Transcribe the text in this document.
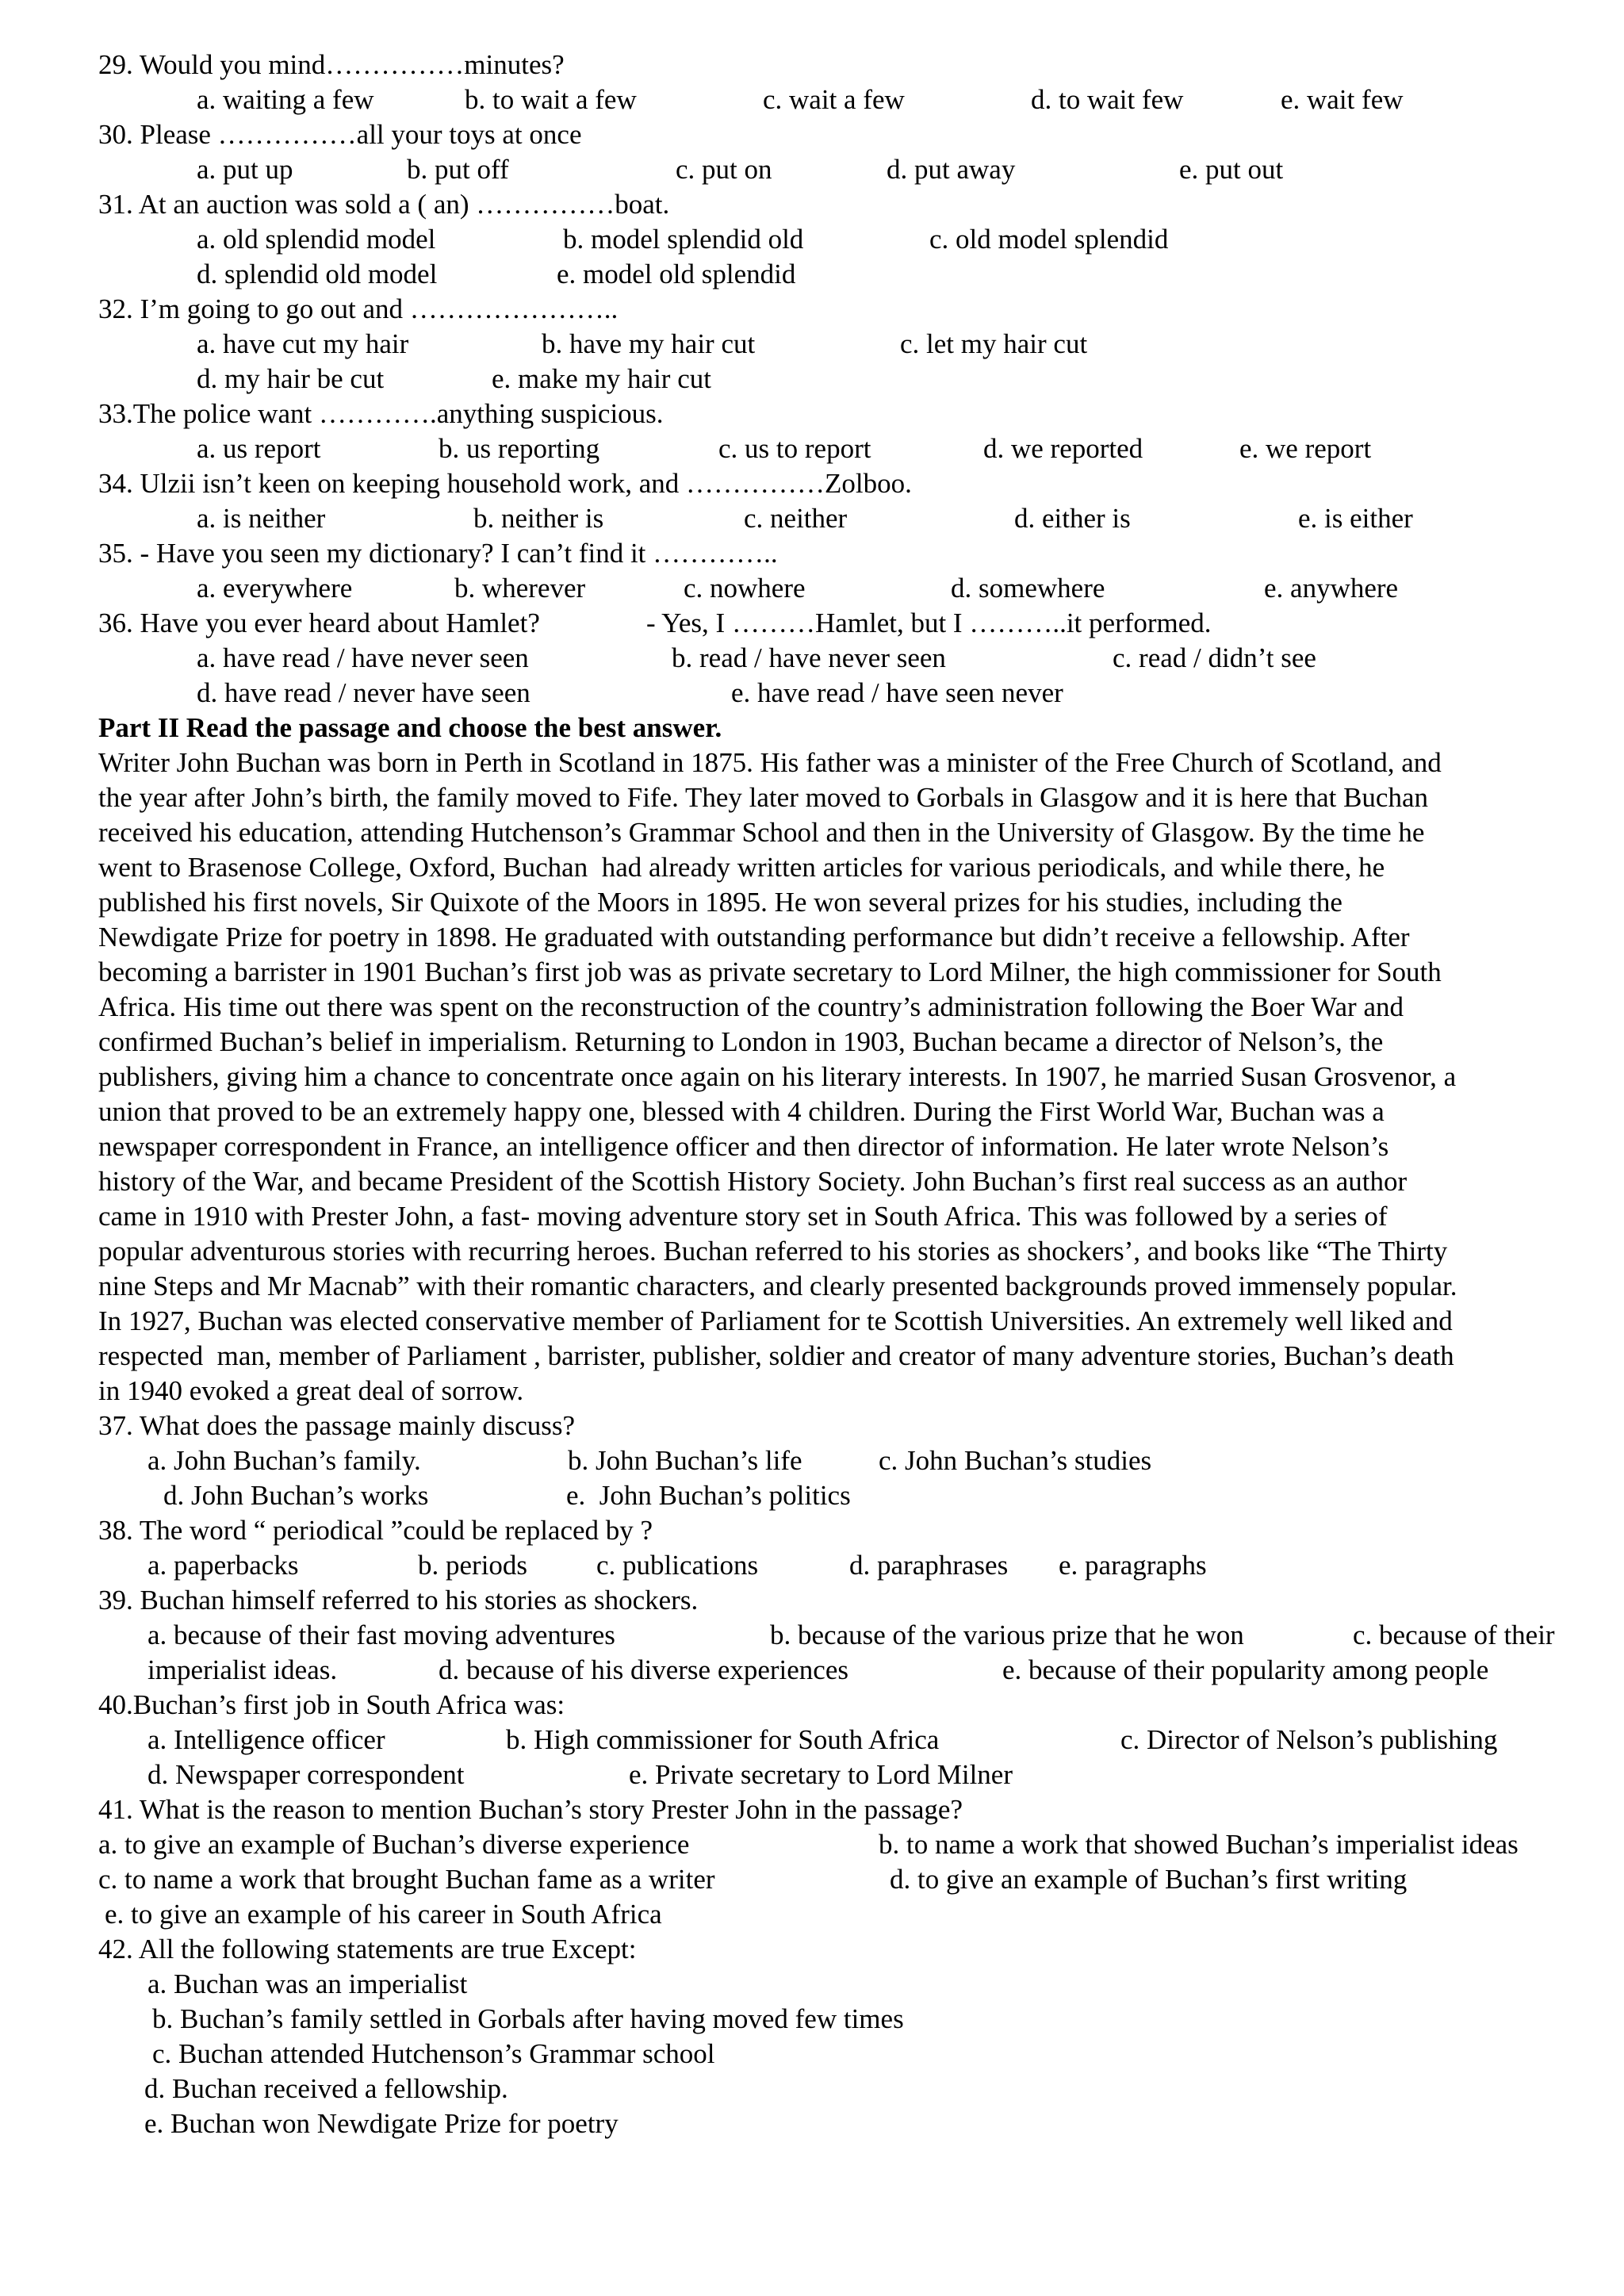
29. Would you mind……………minutes?

a. waiting a few

	b. to wait a few

	c. wait a few

	d. to wait few

	e. wait few

30. Please ……………all your toys at once

a. put up

	b. put off

	c. put on

	d. put away

	e. put out

31. At an auction was sold a ( an) ……………boat.

a. old splendid model

	b. model splendid old

	c. old model splendid

d. splendid old model

	e. model old splendid

32. I’m going to go out and …………………..

a. have cut my hair

	b. have my hair cut

	c. let my hair cut

d. my hair be cut

	e. make my hair cut

33.The police want ………….anything suspicious.

a. us report

	b. us reporting

	c. us to report

	d. we reported

	e. we report

34. Ulzii isn’t keen on keeping household work, and ……………Zolboo.

a. is neither

	b. neither is

	c. neither

	d. either is

	e. is either

35. - Have you seen my dictionary? I can’t find it …………..

a. everywhere

	b. wherever

	c. nowhere

	d. somewhere

	e. anywhere

36. Have you ever heard about Hamlet?

	- Yes, I ………Hamlet, but I ………..it performed.

a. have read / have never seen

	b. read / have never seen

	c. read / didn’t see

d. have read / never have seen

	e. have read / have seen never

Part II Read the passage and choose the best answer.
Writer John Buchan was born in Perth in Scotland in 1875. His father was a minister of the Free Church of Scotland, and
the year after John’s birth, the family moved to Fife. They later moved to Gorbals in Glasgow and it is here that Buchan
received his education, attending Hutchenson’s Grammar School and then in the University of Glasgow. By the time he
went to Brasenose College, Oxford, Buchan  had already written articles for various periodicals, and while there, he
published his first novels, Sir Quixote of the Moors in 1895. He won several prizes for his studies, including the
Newdigate Prize for poetry in 1898. He graduated with outstanding performance but didn’t receive a fellowship. After
becoming a barrister in 1901 Buchan’s first job was as private secretary to Lord Milner, the high commissioner for South
Africa. His time out there was spent on the reconstruction of the country’s administration following the Boer War and
confirmed Buchan’s belief in imperialism. Returning to London in 1903, Buchan became a director of Nelson’s, the
publishers, giving him a chance to concentrate once again on his literary interests. In 1907, he married Susan Grosvenor, a
union that proved to be an extremely happy one, blessed with 4 children. During the First World War, Buchan was a
newspaper correspondent in France, an intelligence officer and then director of information. He later wrote Nelson’s
history of the War, and became President of the Scottish History Society. John Buchan’s first real success as an author
came in 1910 with Prester John, a fast- moving adventure story set in South Africa. This was followed by a series of
popular adventurous stories with recurring heroes. Buchan referred to his stories as shockers’, and books like “The Thirty
nine Steps and Mr Macnab” with their romantic characters, and clearly presented backgrounds proved immensely popular.
In 1927, Buchan was elected conservative member of Parliament for te Scottish Universities. An extremely well liked and
respected  man, member of Parliament , barrister, publisher, soldier and creator of many adventure stories, Buchan’s death
in 1940 evoked a great deal of sorrow.
37. What does the passage mainly discuss?

a. John Buchan’s family.

	b. John Buchan’s life

	c. John Buchan’s studies

d. John Buchan’s works

	e.  John Buchan’s politics

38. The word “ periodical ”could be replaced by ?

a. paperbacks

	b. periods

c. publications

	d. paraphrases

e. paragraphs

39. Buchan himself referred to his stories as shockers.

a. because of their fast moving adventures

	b. because of the various prize that he won

	c. because of their

imperialist ideas.

	d. because of his diverse experiences

	e. because of their popularity among people

40.Buchan’s first job in South Africa was:

a. Intelligence officer

	b. High commissioner for South Africa

	c. Director of Nelson’s publishing

d. Newspaper correspondent

	e. Private secretary to Lord Milner

41. What is the reason to mention Buchan’s story Prester John in the passage?

a. to give an example of Buchan’s diverse experience

	b. to name a work that showed Buchan’s imperialist ideas

c. to name a work that brought Buchan fame as a writer

	d. to give an example of Buchan’s first writing

e. to give an example of his career in South Africa
42. All the following statements are true Except:
a. Buchan was an imperialist
b. Buchan’s family settled in Gorbals after having moved few times
c. Buchan attended Hutchenson’s Grammar school
d. Buchan received a fellowship.
e. Buchan won Newdigate Prize for poetry
